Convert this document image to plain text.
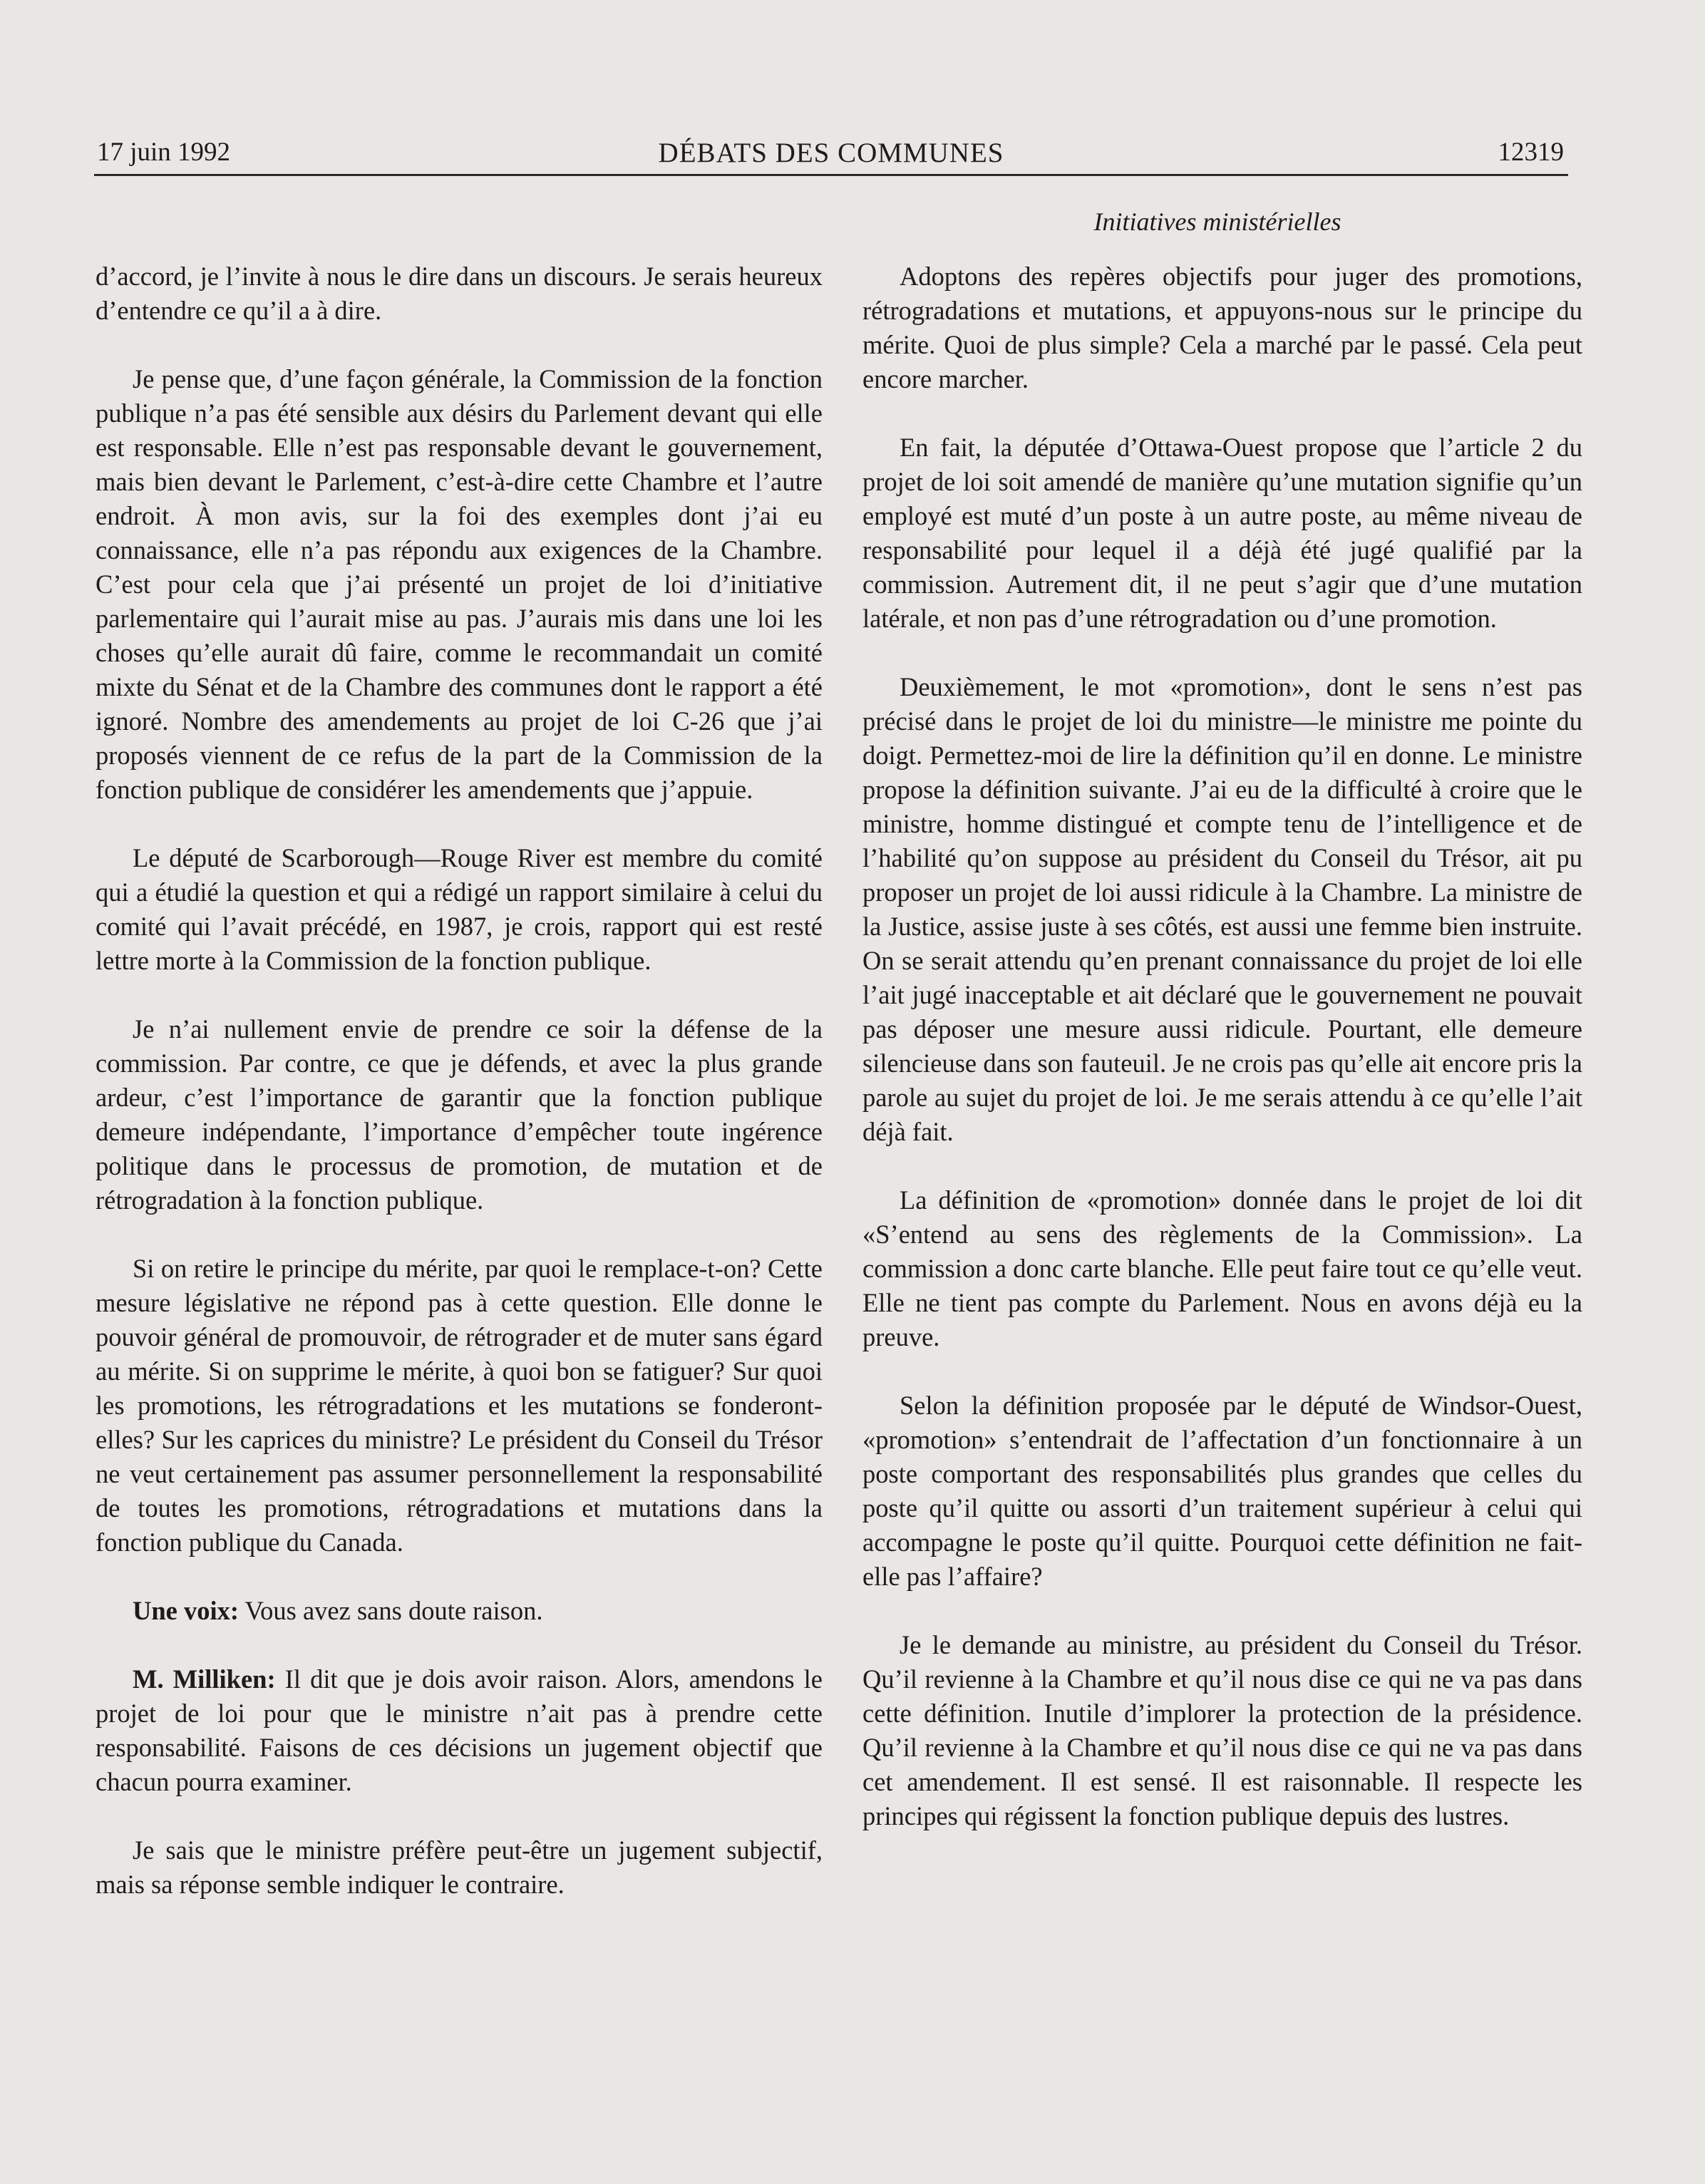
17 juin 1992	DÉBATS DES COMMUNES	12319
Initiatives ministérielles

d’accord, je l’invite à nous le dire dans un discours. Je serais heureux d’entendre ce qu’il a à dire.

Je pense que, d’une façon générale, la Commission de la fonction publique n’a pas été sensible aux désirs du Parlement devant qui elle est responsable. Elle n’est pas responsable devant le gouvernement, mais bien devant le Parlement, c’est-à-dire cette Chambre et l’autre endroit. À mon avis, sur la foi des exemples dont j’ai eu connaissance, elle n’a pas répondu aux exigences de la Chambre. C’est pour cela que j’ai présenté un projet de loi d’initiative parlementaire qui l’aurait mise au pas. J’aurais mis dans une loi les choses qu’elle aurait dû faire, comme le recommandait un comité mixte du Sénat et de la Chambre des communes dont le rapport a été ignoré. Nombre des amendements au projet de loi C-26 que j’ai proposés viennent de ce refus de la part de la Commission de la fonction publique de considérer les amendements que j’appuie.

Le député de Scarborough—Rouge River est membre du comité qui a étudié la question et qui a rédigé un rapport similaire à celui du comité qui l’avait précédé, en 1987, je crois, rapport qui est resté lettre morte à la Commission de la fonction publique.

Je n’ai nullement envie de prendre ce soir la défense de la commission. Par contre, ce que je défends, et avec la plus grande ardeur, c’est l’importance de garantir que la fonction publique demeure indépendante, l’importance d’empêcher toute ingérence politique dans le processus de promotion, de mutation et de rétrogradation à la fonction publique.

Si on retire le principe du mérite, par quoi le remplace-t-on? Cette mesure législative ne répond pas à cette question. Elle donne le pouvoir général de promouvoir, de rétrograder et de muter sans égard au mérite. Si on supprime le mérite, à quoi bon se fatiguer? Sur quoi les promotions, les rétrogradations et les mutations se fonderont-elles? Sur les caprices du ministre? Le président du Conseil du Trésor ne veut certainement pas assumer personnellement la responsabilité de toutes les promotions, rétrogradations et mutations dans la fonction publique du Canada.

Une voix: Vous avez sans doute raison.

M. Milliken: Il dit que je dois avoir raison. Alors, amendons le projet de loi pour que le ministre n’ait pas à prendre cette responsabilité. Faisons de ces décisions un jugement objectif que chacun pourra examiner.

Je sais que le ministre préfère peut-être un jugement subjectif, mais sa réponse semble indiquer le contraire.

Adoptons des repères objectifs pour juger des promotions, rétrogradations et mutations, et appuyons-nous sur le principe du mérite. Quoi de plus simple? Cela a marché par le passé. Cela peut encore marcher.

En fait, la députée d’Ottawa-Ouest propose que l’article 2 du projet de loi soit amendé de manière qu’une mutation signifie qu’un employé est muté d’un poste à un autre poste, au même niveau de responsabilité pour lequel il a déjà été jugé qualifié par la commission. Autrement dit, il ne peut s’agir que d’une mutation latérale, et non pas d’une rétrogradation ou d’une promotion.

Deuxièmement, le mot «promotion», dont le sens n’est pas précisé dans le projet de loi du ministre—le ministre me pointe du doigt. Permettez-moi de lire la définition qu’il en donne. Le ministre propose la définition suivante. J’ai eu de la difficulté à croire que le ministre, homme distingué et compte tenu de l’intelligence et de l’habilité qu’on suppose au président du Conseil du Trésor, ait pu proposer un projet de loi aussi ridicule à la Chambre. La ministre de la Justice, assise juste à ses côtés, est aussi une femme bien instruite. On se serait attendu qu’en prenant connaissance du projet de loi elle l’ait jugé inacceptable et ait déclaré que le gouvernement ne pouvait pas déposer une mesure aussi ridicule. Pourtant, elle demeure silencieuse dans son fauteuil. Je ne crois pas qu’elle ait encore pris la parole au sujet du projet de loi. Je me serais attendu à ce qu’elle l’ait déjà fait.

La définition de «promotion» donnée dans le projet de loi dit «S’entend au sens des règlements de la Commission». La commission a donc carte blanche. Elle peut faire tout ce qu’elle veut. Elle ne tient pas compte du Parlement. Nous en avons déjà eu la preuve.

Selon la définition proposée par le député de Windsor-Ouest, «promotion» s’entendrait de l’affectation d’un fonctionnaire à un poste comportant des responsabilités plus grandes que celles du poste qu’il quitte ou assorti d’un traitement supérieur à celui qui accompagne le poste qu’il quitte. Pourquoi cette définition ne fait-elle pas l’affaire?

Je le demande au ministre, au président du Conseil du Trésor. Qu’il revienne à la Chambre et qu’il nous dise ce qui ne va pas dans cette définition. Inutile d’implorer la protection de la présidence. Qu’il revienne à la Chambre et qu’il nous dise ce qui ne va pas dans cet amendement. Il est sensé. Il est raisonnable. Il respecte les principes qui régissent la fonction publique depuis des lustres.
